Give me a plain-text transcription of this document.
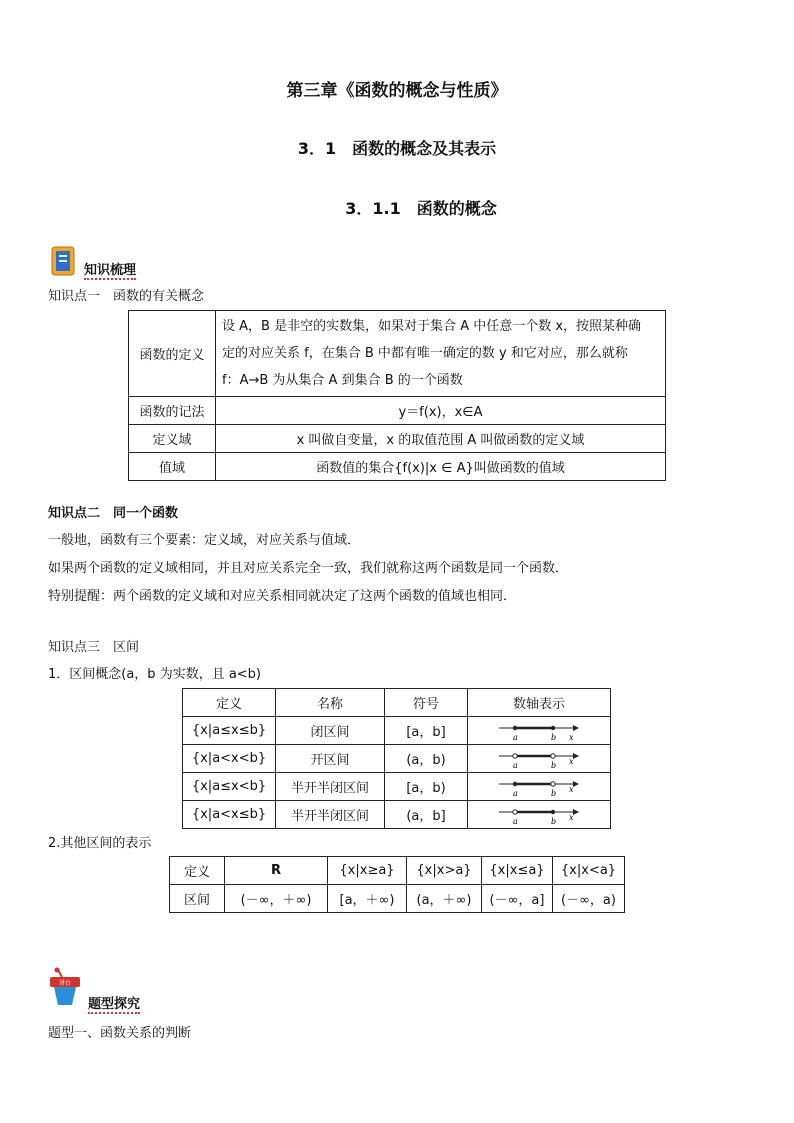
第三章《函数的概念与性质》
3．1　函数的概念及其表示
3．1.1　函数的概念
知识梳理
知识点一　函数的有关概念
函数的定义	设 A，B 是非空的实数集，如果对于集合 A 中任意一个数 x，按照某种确
定的对应关系 f，在集合 B 中都有唯一确定的数 y 和它对应，那么就称
f：A→B 为从集合 A 到集合 B 的一个函数

函数的记法	y＝f(x)，x∈A
定义域	x 叫做自变量，x 的取值范围 A 叫做函数的定义域
值域	函数值的集合{f(x)|x ∈ A}叫做函数的值域
知识点二　同一个函数
一般地，函数有三个要素：定义域，对应关系与值域．
如果两个函数的定义域相同，并且对应关系完全一致，我们就称这两个函数是同一个函数．
特别提醒：两个函数的定义域和对应关系相同就决定了这两个函数的值域也相同．
知识点三　区间
1．区间概念(a，b 为实数，且 a<b)
定义	名称	符号	数轴表示
{x|a≤x≤b}	闭区间	[a，b]	a b x

{x|a<x<b}	开区间	(a，b)	a b x

{x|a≤x<b}	半开半闭区间	[a，b)	a b x

{x|a<x≤b}	半开半闭区间	(a，b]	a b x
2.其他区间的表示
定义	R	{x|x≥a}	{x|x>a}	{x|x≤a}	{x|x<a}
区间	(－∞，＋∞)	[a，＋∞)	(a，＋∞)	(－∞，a]	(－∞，a)
讲台
题型探究
题型一、函数关系的判断
